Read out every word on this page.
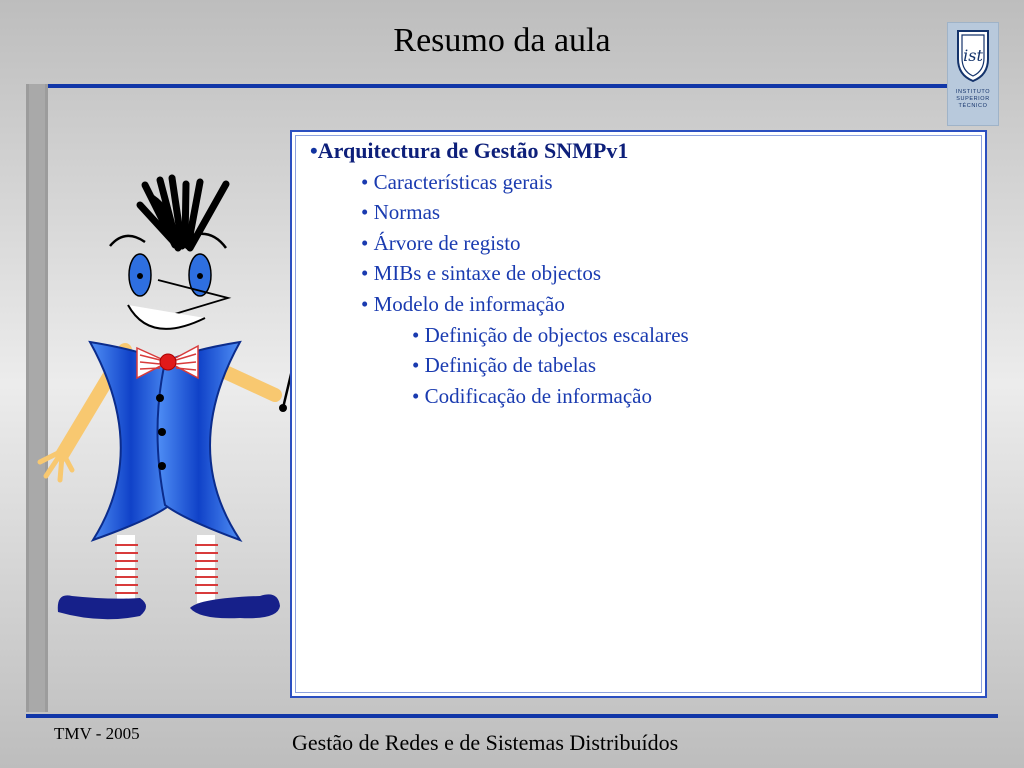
Resumo da aula	ist
INSTITUTO
SUPERIOR
TÉCNICO
•Arquitectura de Gestão SNMPv1
• Características gerais
• Normas
• Árvore de registo
• MIBs e sintaxe de objectos
• Modelo de informação
• Definição de objectos escalares
• Definição de tabelas
• Codificação de informação
TMV - 2005	Gestão de Redes e de Sistemas Distribuídos
